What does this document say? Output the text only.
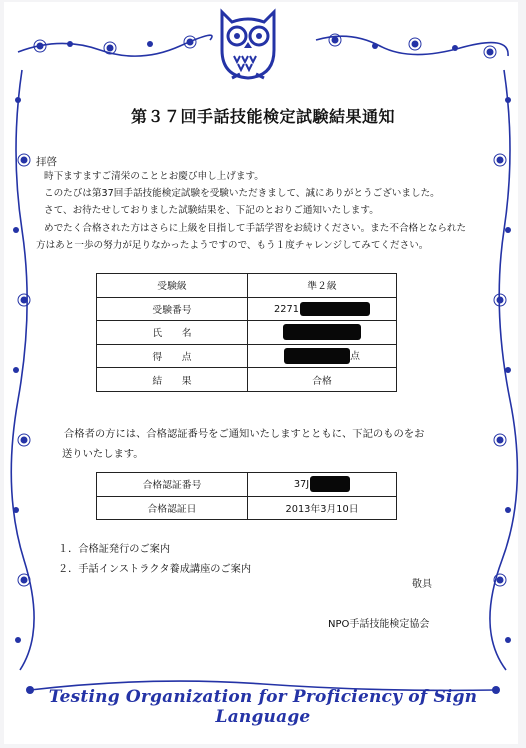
第３７回手話技能検定試験結果通知
拝啓

時下ますますご清栄のこととお慶び申し上げます。

このたびは第37回手話技能検定試験を受験いただきまして、誠にありがとうございました。

さて、お待たせしておりました試験結果を、下記のとおりご通知いたします。

めでたく合格された方はさらに上級を目指して手話学習をお続けください。また不合格となられた

方はあと一歩の努力が足りなかったようですので、もう１度チャレンジしてみてください。

受験級	準２級
受験番号	2271
氏　　名	
得　　点	点
結　　果	合格

合格者の方には、合格認証番号をご通知いたしますとともに、下記のものをお

送りいたします。

合格認証番号	37J
合格認証日	2013年3月10日

１．合格証発行のご案内

２．手話インストラクタ養成講座のご案内

敬具
NPO手話技能検定協会
Testing Organization for Proficiency of Sign Language
